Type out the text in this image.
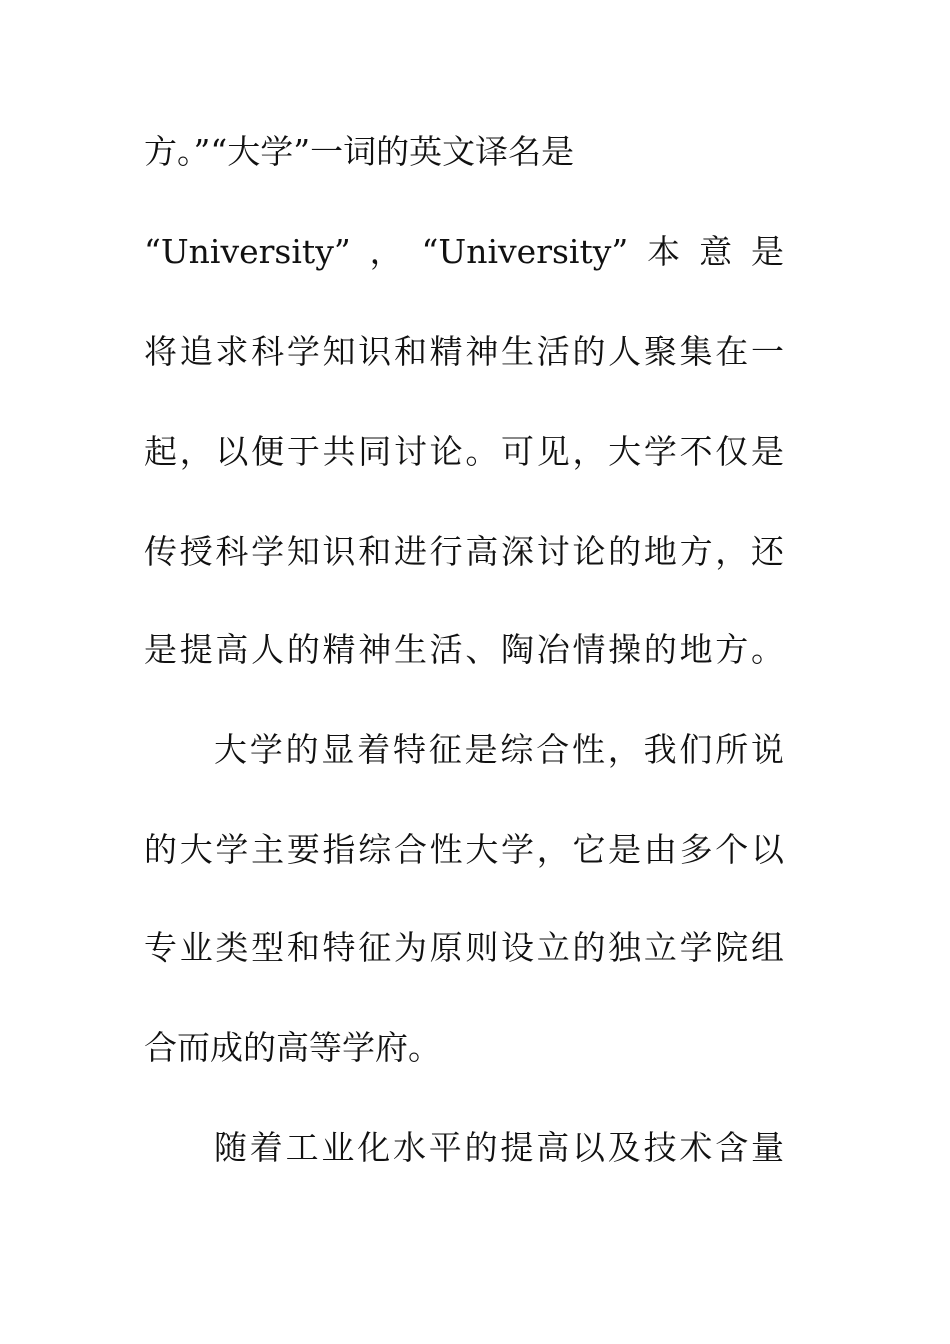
方。”“大学”一词的英文译名是
“University”，“University”本意是
将追求科学知识和精神生活的人聚集在一
起，以便于共同讨论。可见，大学不仅是
传授科学知识和进行高深讨论的地方，还
是提高人的精神生活、陶冶情操的地方。
大学的显着特征是综合性，我们所说
的大学主要指综合性大学，它是由多个以
专业类型和特征为原则设立的独立学院组
合而成的高等学府。
随着工业化水平的提高以及技术含量
